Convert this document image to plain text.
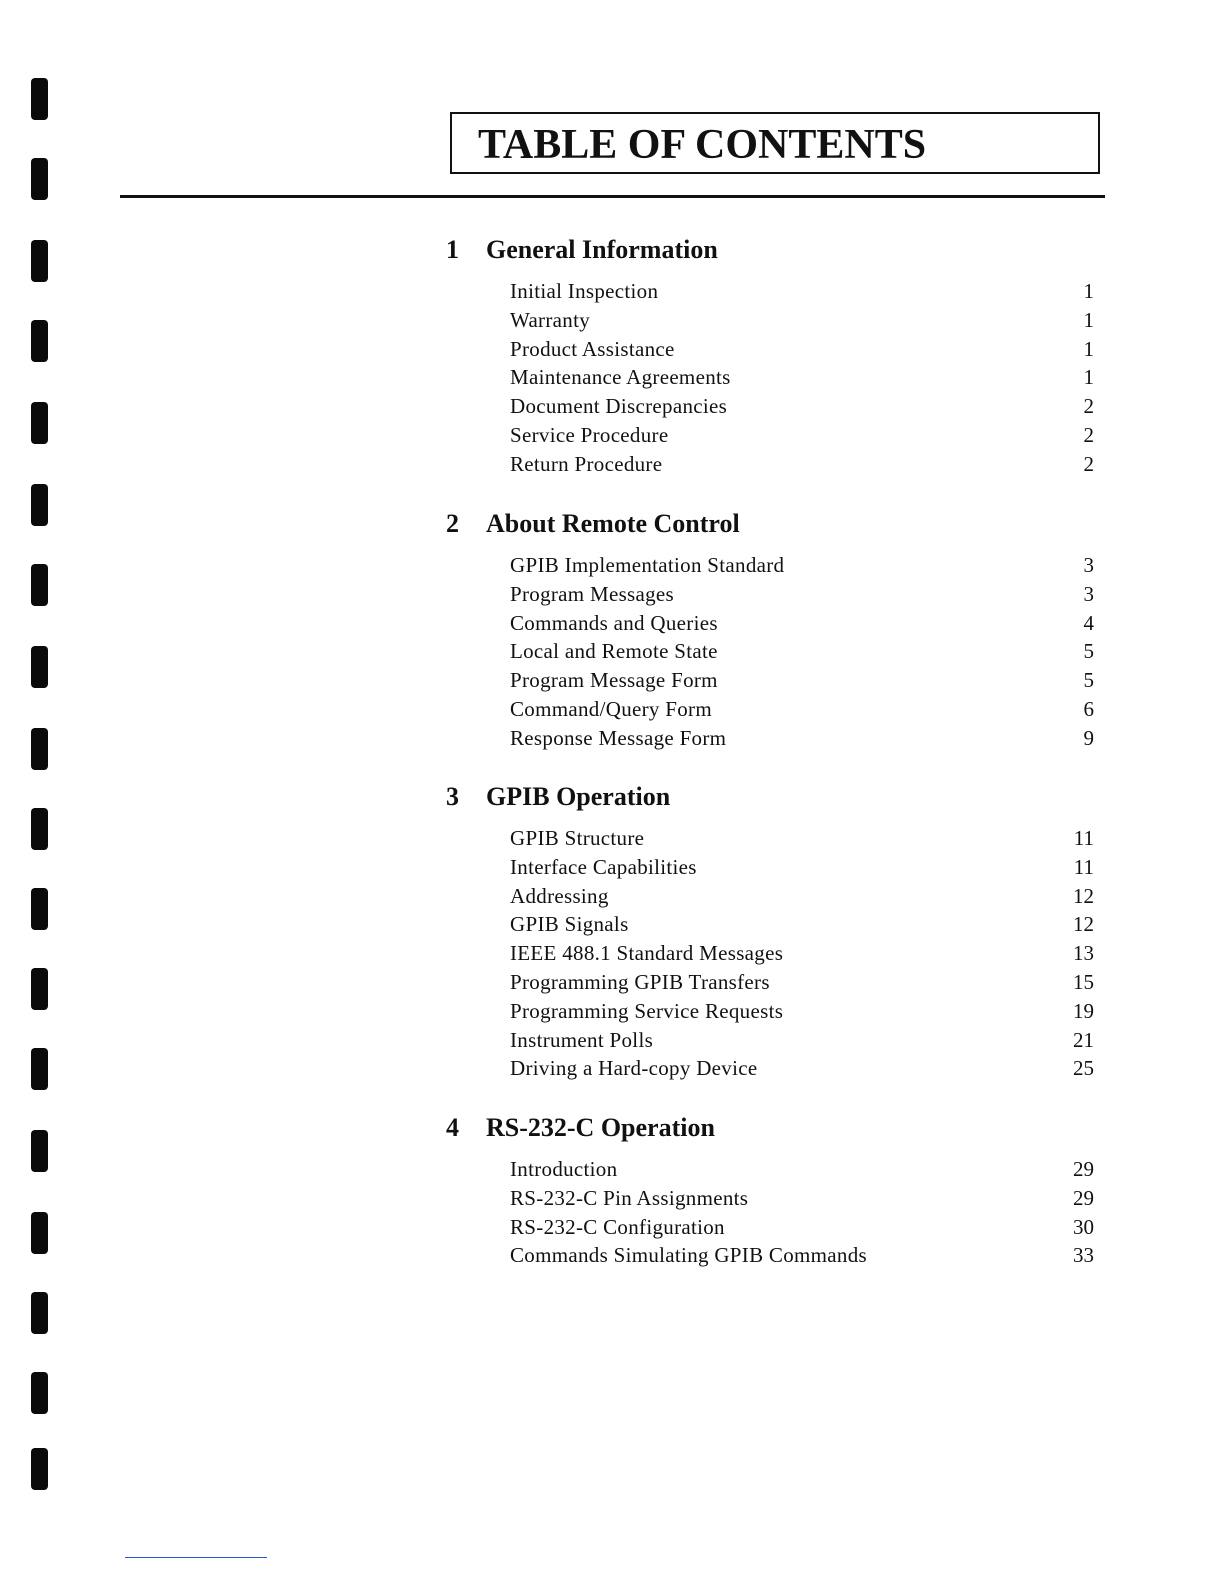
TABLE OF CONTENTS
1 General Information
Initial Inspection	1
Warranty	1
Product Assistance	1
Maintenance Agreements	1
Document Discrepancies	2
Service Procedure	2
Return Procedure	2
2 About Remote Control
GPIB Implementation Standard	3
Program Messages	3
Commands and Queries	4
Local and Remote State	5
Program Message Form	5
Command/Query Form	6
Response Message Form	9
3 GPIB Operation
GPIB Structure	11
Interface Capabilities	11
Addressing	12
GPIB Signals	12
IEEE 488.1 Standard Messages	13
Programming GPIB Transfers	15
Programming Service Requests	19
Instrument Polls	21
Driving a Hard-copy Device	25
4 RS-232-C Operation
Introduction	29
RS-232-C Pin Assignments	29
RS-232-C Configuration	30
Commands Simulating GPIB Commands	33
